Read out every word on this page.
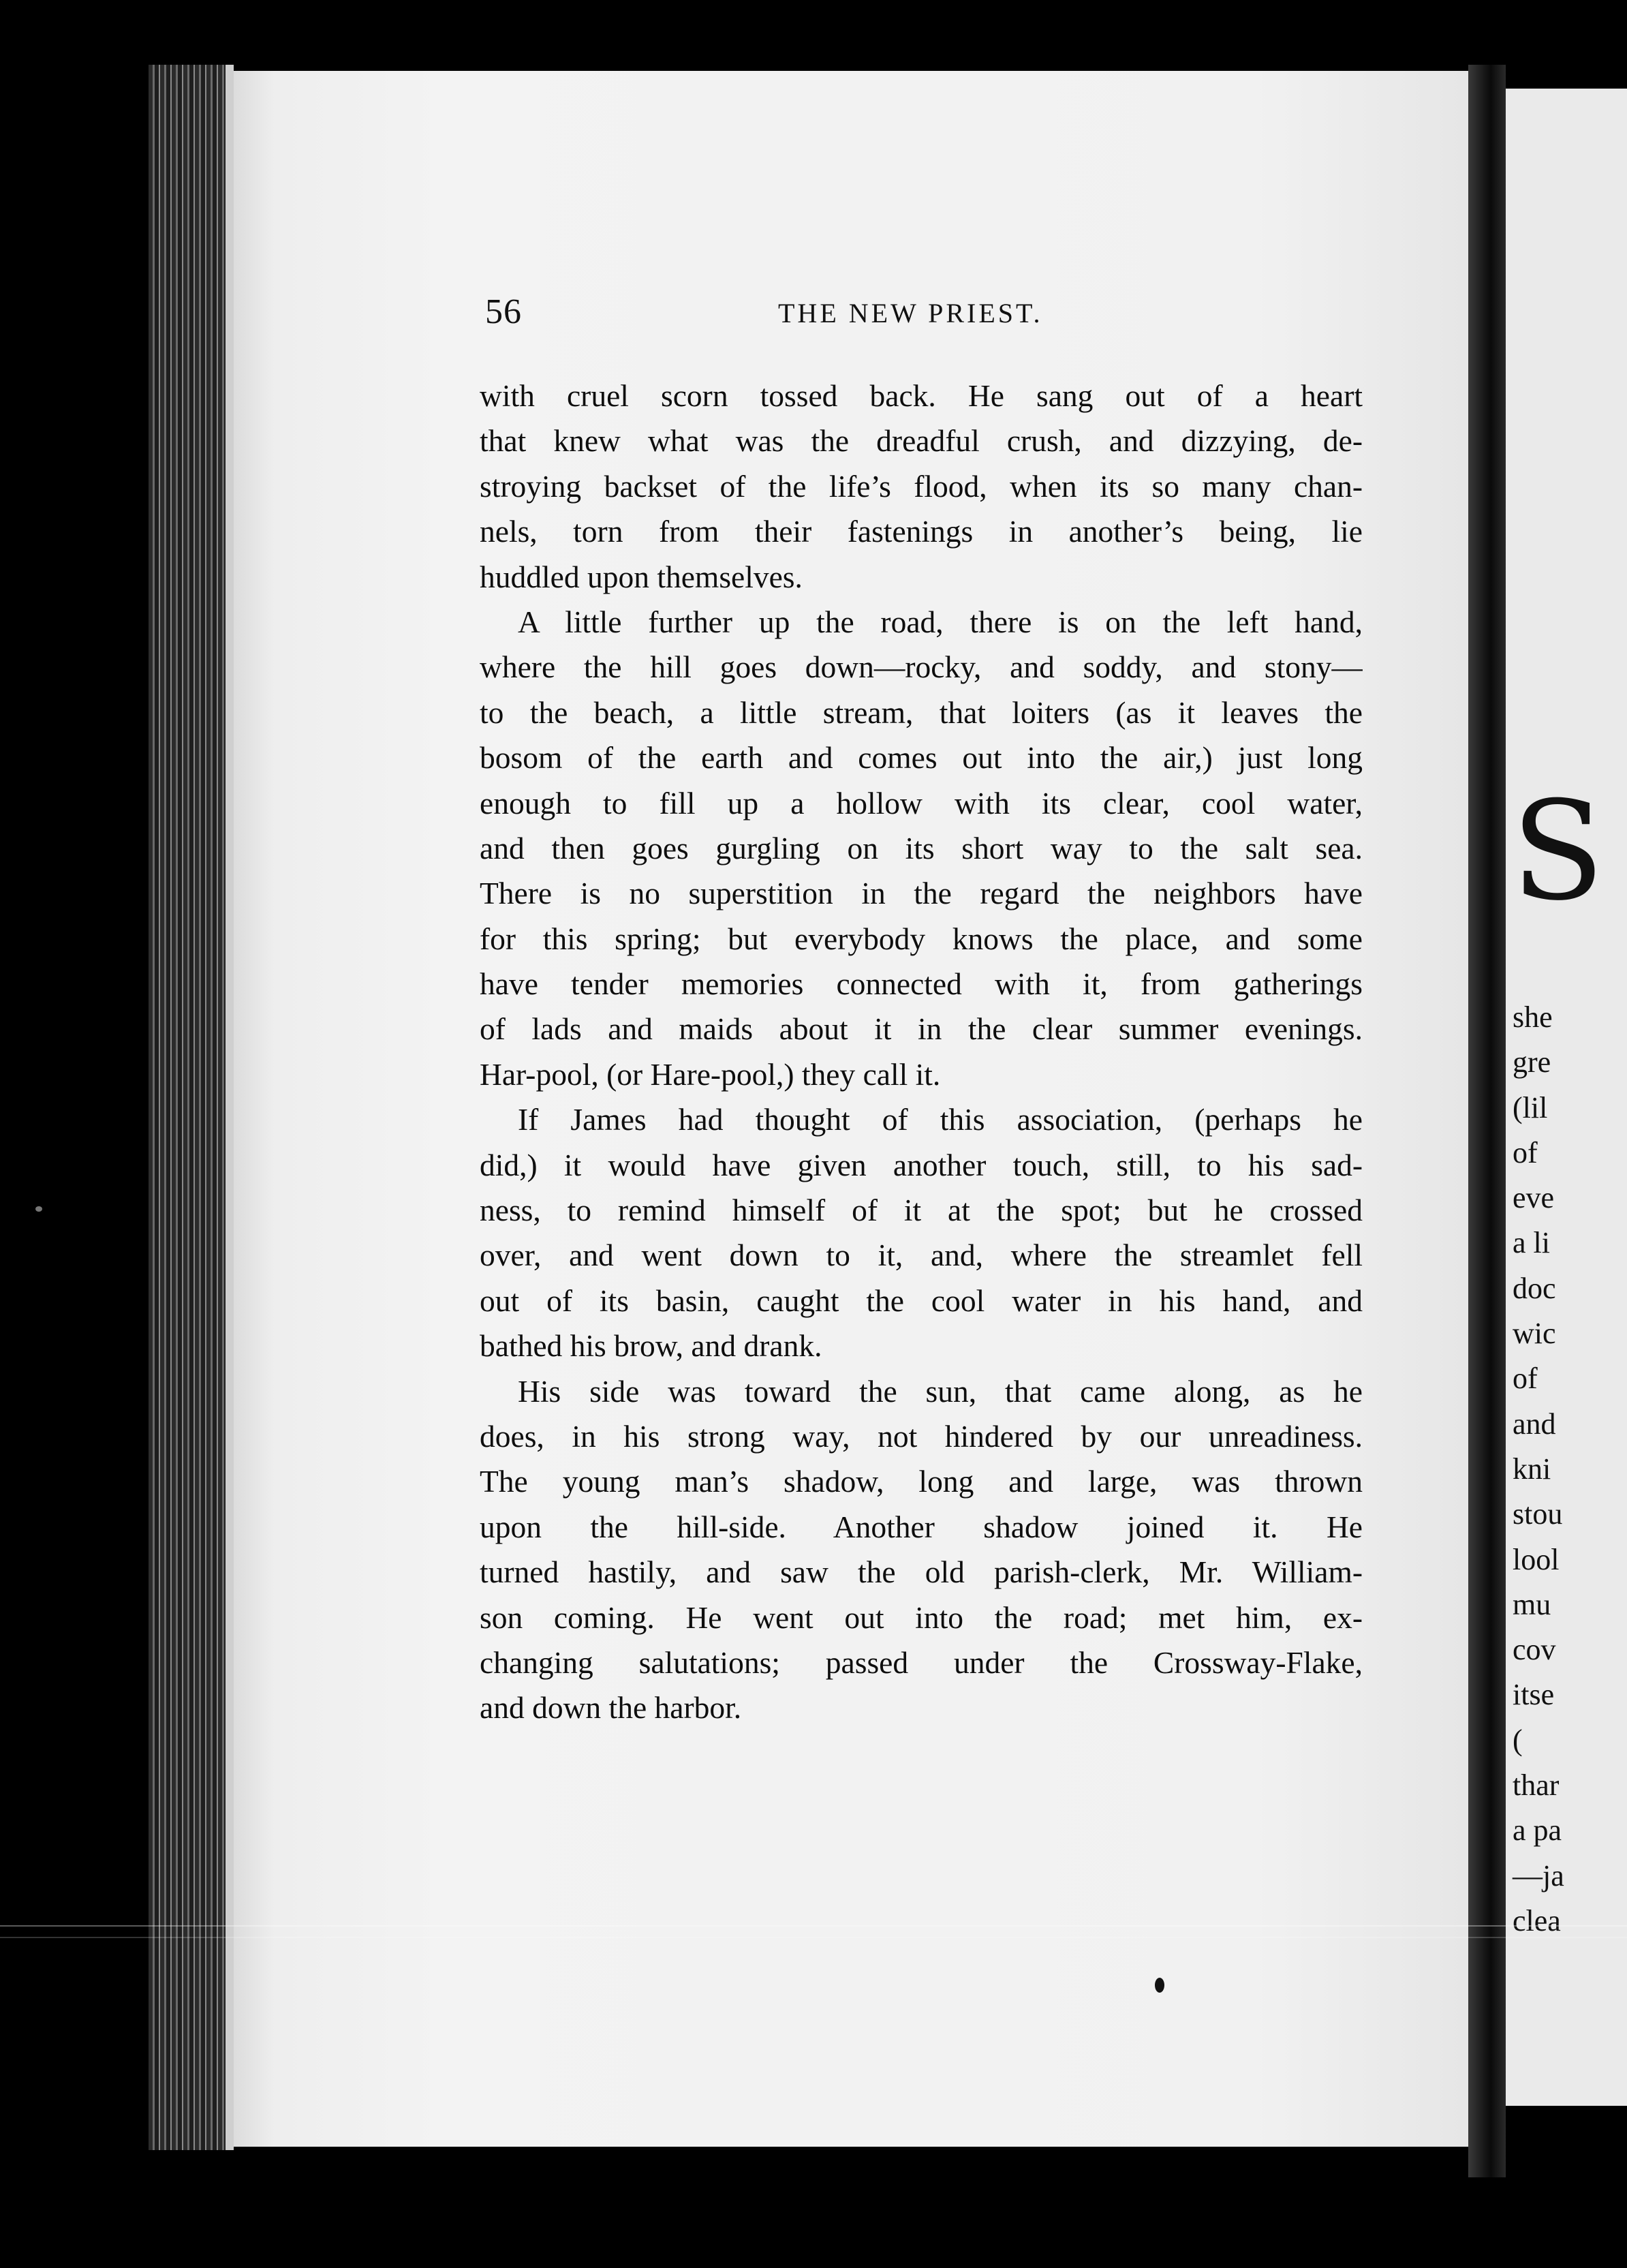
S
she
gre
(lil
of
eve
a li
doc
wic
of
and
kni
stou
lool
mu
cov
itse
(
thar
a pa
—ja
clea
56	THE NEW PRIEST.
with cruel scorn tossed back. He sang out of a heart
that knew what was the dreadful crush, and dizzying, de-
stroying backset of the life’s flood, when its so many chan-
nels, torn from their fastenings in another’s being, lie
huddled upon themselves.
A little further up the road, there is on the left hand,
where the hill goes down—rocky, and soddy, and stony—
to the beach, a little stream, that loiters (as it leaves the
bosom of the earth and comes out into the air,) just long
enough to fill up a hollow with its clear, cool water,
and then goes gurgling on its short way to the salt sea.
There is no superstition in the regard the neighbors have
for this spring; but everybody knows the place, and some
have tender memories connected with it, from gatherings
of lads and maids about it in the clear summer evenings.
Har-pool, (or Hare-pool,) they call it.
If James had thought of this association, (perhaps he
did,) it would have given another touch, still, to his sad-
ness, to remind himself of it at the spot; but he crossed
over, and went down to it, and, where the streamlet fell
out of its basin, caught the cool water in his hand, and
bathed his brow, and drank.
His side was toward the sun, that came along, as he
does, in his strong way, not hindered by our unreadiness.
The young man’s shadow, long and large, was thrown
upon the hill-side. Another shadow joined it. He
turned hastily, and saw the old parish-clerk, Mr. William-
son coming. He went out into the road; met him, ex-
changing salutations; passed under the Crossway-Flake,
and down the harbor.
